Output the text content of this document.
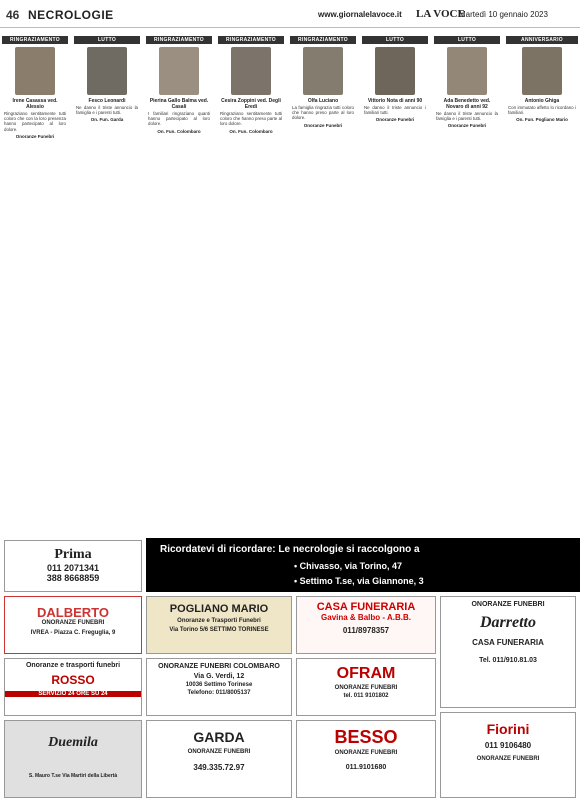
46 NECROLOGIE	www.giornalelavoce.it LA VOCE
Martedì 10 gennaio 2023
RINGRAZIAMENTO
Irene Casassa ved. Alessio
Ringraziano sentitamente tutti coloro che con la loro presenza hanno partecipato al loro dolore.
Onoranze Funebri
LUTTO
Fesco Leonardi
Ne danno il triste annuncio la famiglia e i parenti tutti.
On. Fun. Garda
RINGRAZIAMENTO
Pierina Gallo Balma ved. Casali
I familiari ringraziano quanti hanno partecipato al loro dolore.
On. Fun. Colombaro
RINGRAZIAMENTO
Cesira Zoppini ved. Degli Eredi
Ringraziano sentitamente tutti coloro che hanno preso parte al loro dolore.
On. Fun. Colombaro
RINGRAZIAMENTO
Olfa Luciano
La famiglia ringrazia tutti coloro che hanno preso parte al loro dolore.
Onoranze Funebri
LUTTO
Vittorio Nota di anni 90
Ne danno il triste annuncio i familiari tutti.
Onoranze Funebri
LUTTO
Ada Benedetto ved. Novaro di anni 92
Ne danno il triste annuncio la famiglia e i parenti tutti.
Onoranze Funebri
ANNIVERSARIO
Antonio Ghiga
Con immutato affetto lo ricordano i familiari.
On. Fun. Pogliano Mario
Ricordatevi di ricordare: Le necrologie si raccolgono a
• Chivasso, via Torino, 47
• Settimo T.se, via Giannone, 3
Prima
011 2071341
388 8668859
DALBERTO
ONORANZE FUNEBRI
IVREA - Piazza C. Freguglia, 9
POGLIANO MARIO
Onoranze e Trasporti Funebri
Via Torino 5/6 SETTIMO TORINESE
CASA FUNERARIA
Gavina & Balbo - A.B.B.
011/8978357
ONORANZE FUNEBRI
Darretto
CASA FUNERARIA
Tel. 011/910.81.03
Onoranze e trasporti funebri
ROSSO
SERVIZIO 24 ORE SU 24
ONORANZE FUNEBRI COLOMBARO
Via G. Verdi, 12
10036 Settimo Torinese
Telefono: 011/8005137
OFRAM
ONORANZE FUNEBRI
tel. 011 9101802
Duemila
S. Mauro T.se Via Martiri della Libertà
GARDA
ONORANZE FUNEBRI
349.335.72.97
BESSO
ONORANZE FUNEBRI
011.9101680
Fiorini
011 9106480
ONORANZE FUNEBRI
